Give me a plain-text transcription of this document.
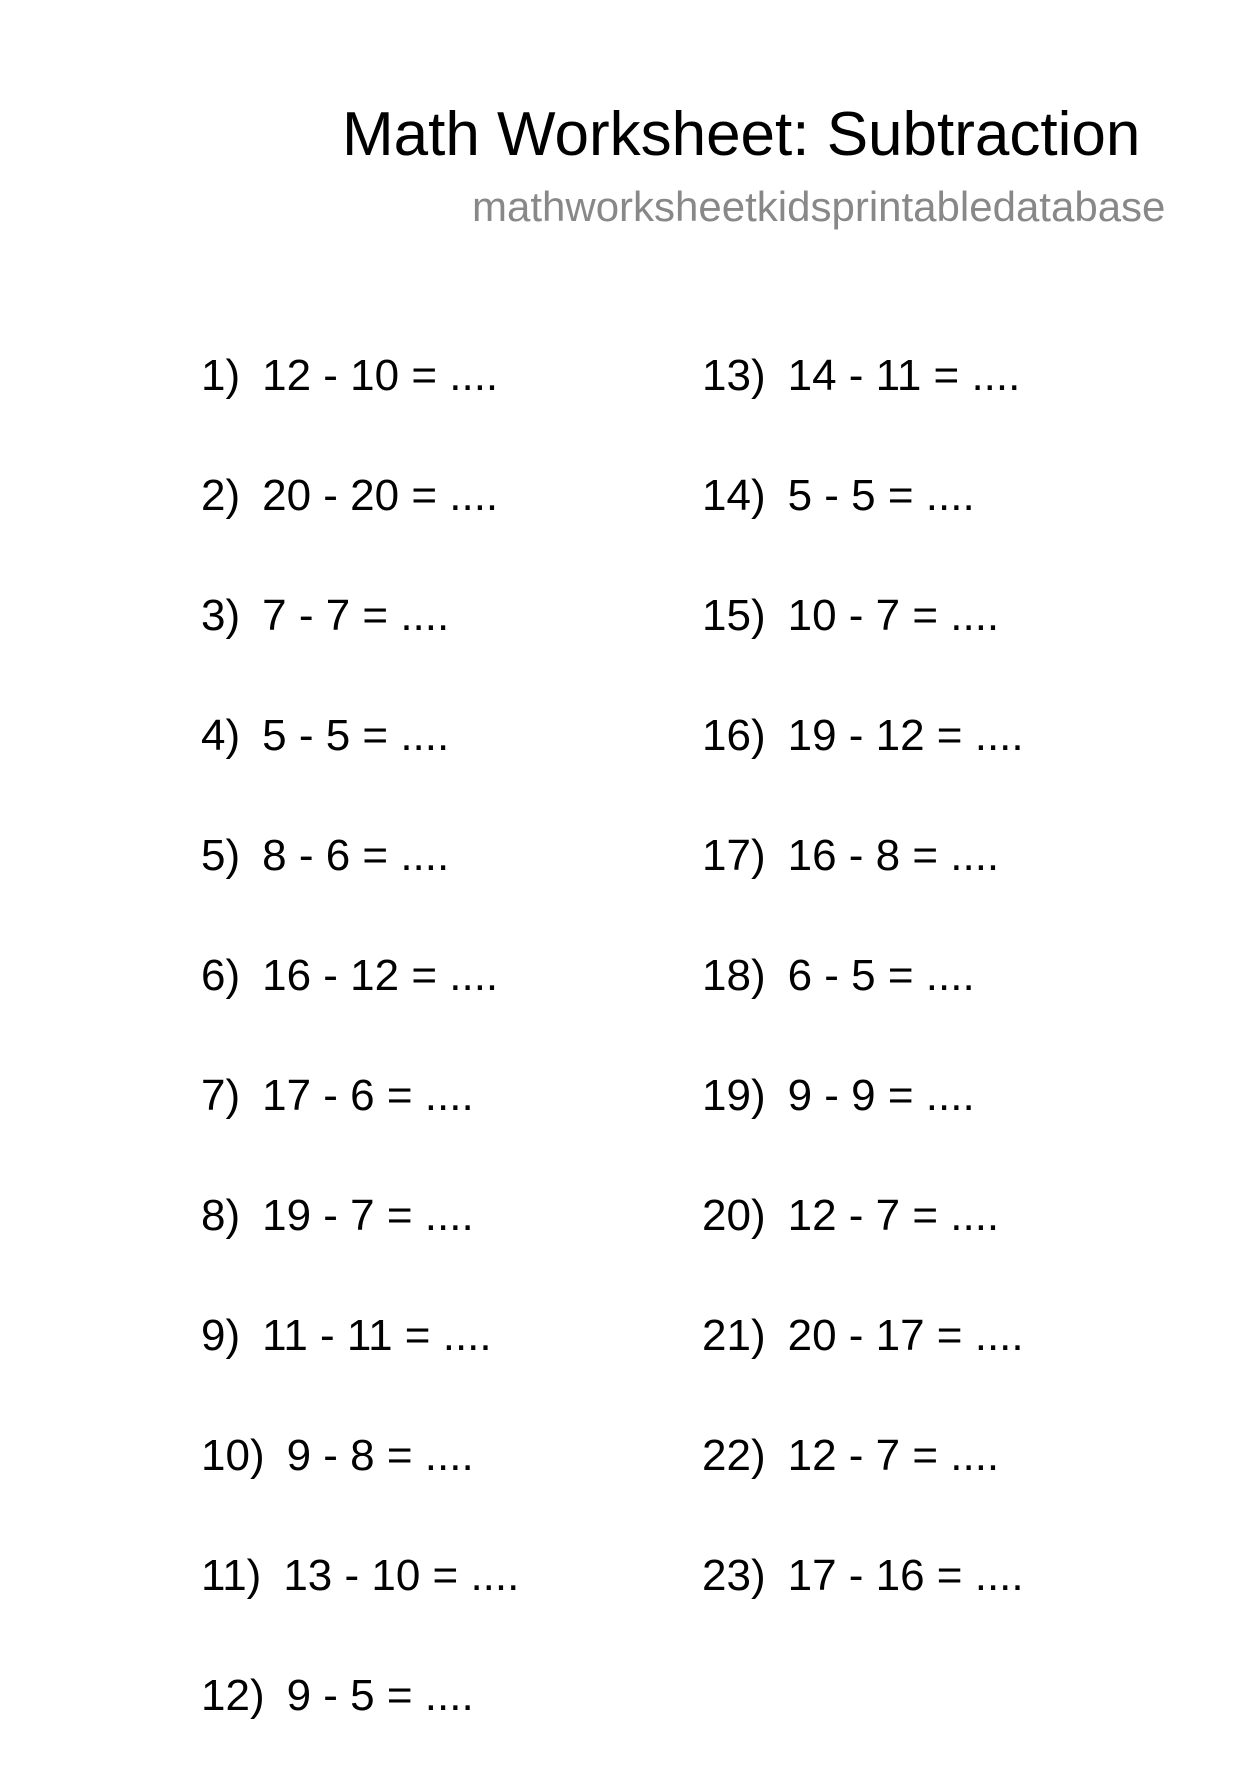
Math Worksheet: Subtraction
mathworksheetkidsprintabledatabase
1) 12 - 10 = ....
2) 20 - 20 = ....
3) 7 - 7 = ....
4) 5 - 5 = ....
5) 8 - 6 = ....
6) 16 - 12 = ....
7) 17 - 6 = ....
8) 19 - 7 = ....
9) 11 - 11 = ....
10) 9 - 8 = ....
11) 13 - 10 = ....
12) 9 - 5 = ....
13) 14 - 11 = ....
14) 5 - 5 = ....
15) 10 - 7 = ....
16) 19 - 12 = ....
17) 16 - 8 = ....
18) 6 - 5 = ....
19) 9 - 9 = ....
20) 12 - 7 = ....
21) 20 - 17 = ....
22) 12 - 7 = ....
23) 17 - 16 = ....
